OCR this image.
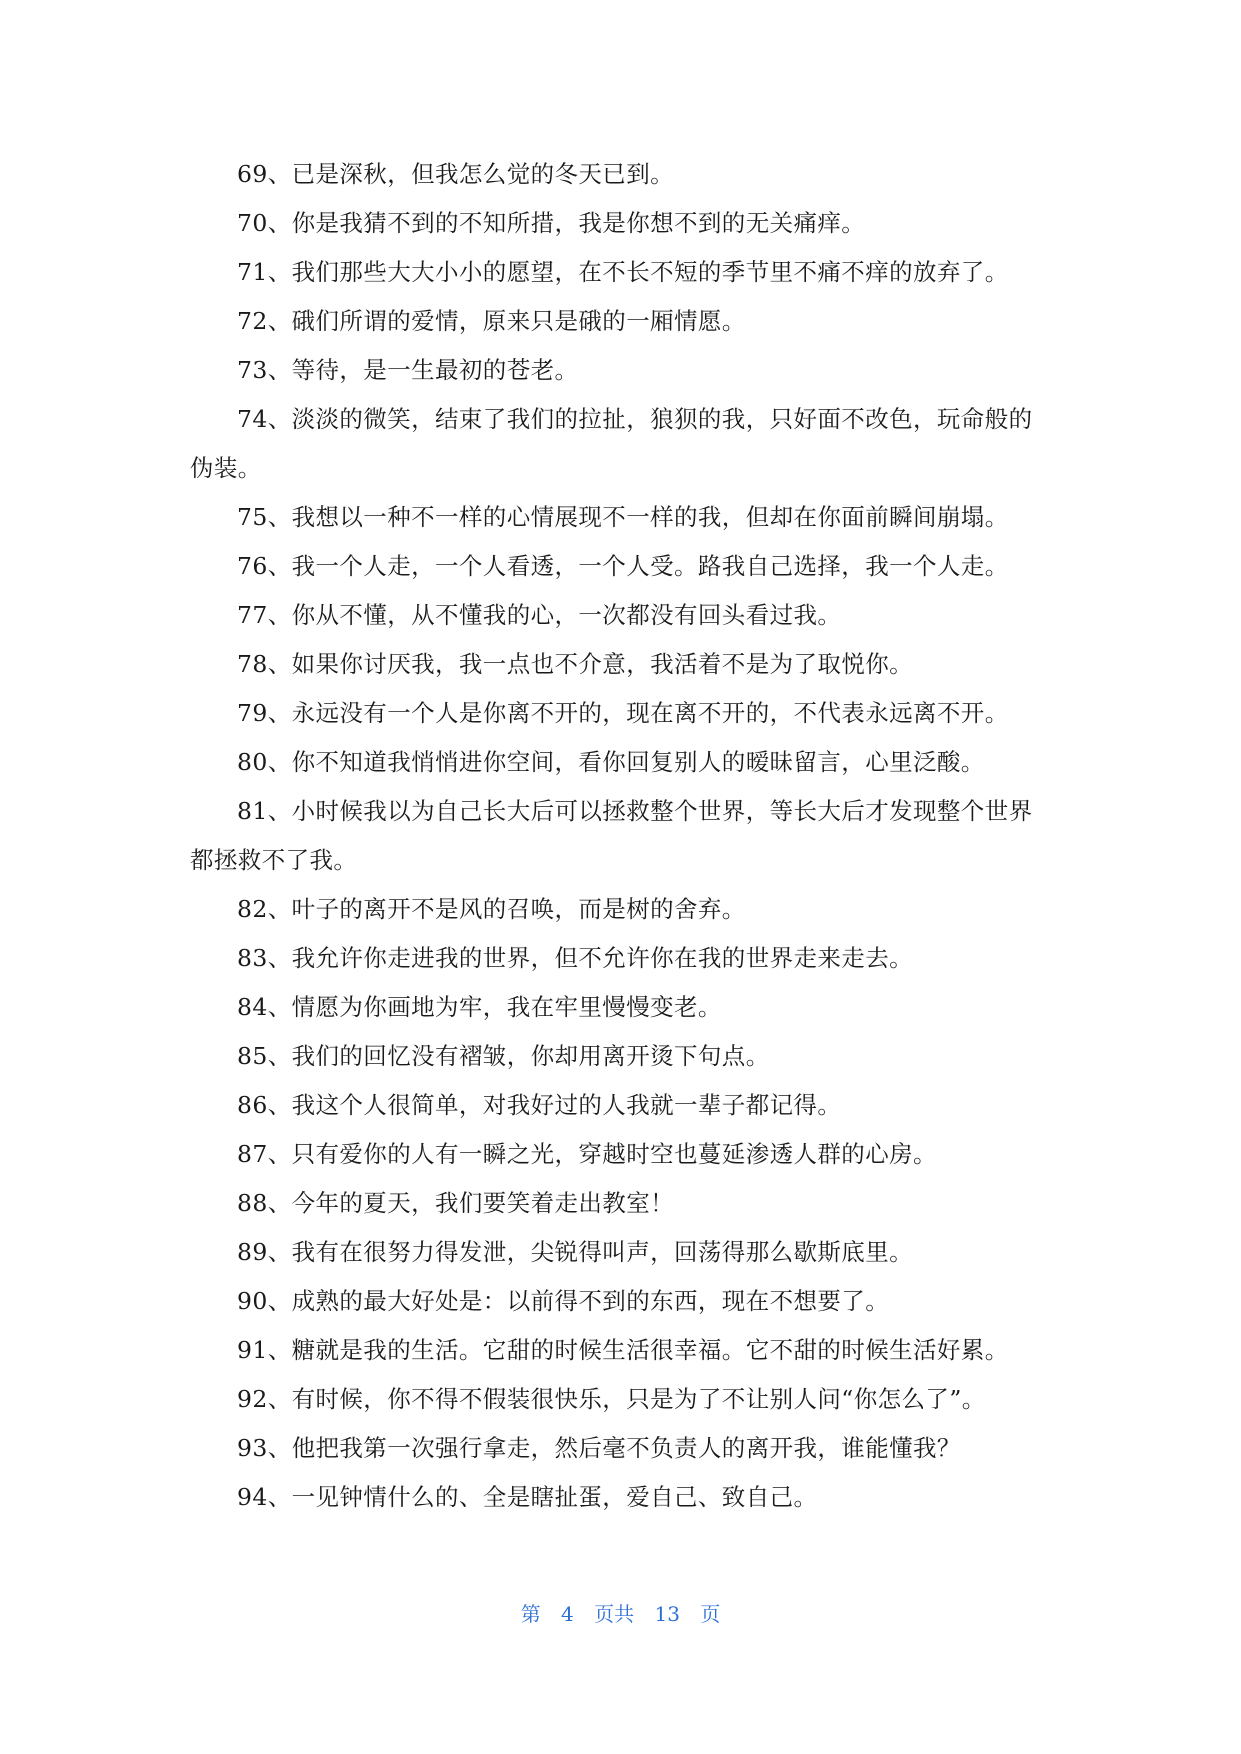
69、已是深秋，但我怎么觉的冬天已到。

70、你是我猜不到的不知所措，我是你想不到的无关痛痒。

71、我们那些大大小小的愿望，在不长不短的季节里不痛不痒的放弃了。

72、硪们所谓的爱情，原来只是硪的一厢情愿。

73、等待，是一生最初的苍老。

74、淡淡的微笑，结束了我们的拉扯，狼狈的我，只好面不改色，玩命般的伪装。

75、我想以一种不一样的心情展现不一样的我，但却在你面前瞬间崩塌。

76、我一个人走，一个人看透，一个人受。路我自己选择，我一个人走。

77、你从不懂，从不懂我的心，一次都没有回头看过我。

78、如果你讨厌我，我一点也不介意，我活着不是为了取悦你。

79、永远没有一个人是你离不开的，现在离不开的，不代表永远离不开。

80、你不知道我悄悄进你空间，看你回复别人的暧昧留言，心里泛酸。

81、小时候我以为自己长大后可以拯救整个世界，等长大后才发现整个世界都拯救不了我。

82、叶子的离开不是风的召唤，而是树的舍弃。

83、我允许你走进我的世界，但不允许你在我的世界走来走去。

84、情愿为你画地为牢，我在牢里慢慢变老。

85、我们的回忆没有褶皱，你却用离开烫下句点。

86、我这个人很简单，对我好过的人我就一辈子都记得。

87、只有爱你的人有一瞬之光，穿越时空也蔓延渗透人群的心房。

88、今年的夏天，我们要笑着走出教室！

89、我有在很努力得发泄，尖锐得叫声，回荡得那么歇斯底里。

90、成熟的最大好处是：以前得不到的东西，现在不想要了。

91、糖就是我的生活。它甜的时候生活很幸福。它不甜的时候生活好累。

92、有时候，你不得不假装很快乐，只是为了不让别人问“你怎么了”。

93、他把我第一次强行拿走，然后毫不负责人的离开我，谁能懂我？

94、一见钟情什么的、全是瞎扯蛋，爱自己、致自己。

第 4 页共 13 页
